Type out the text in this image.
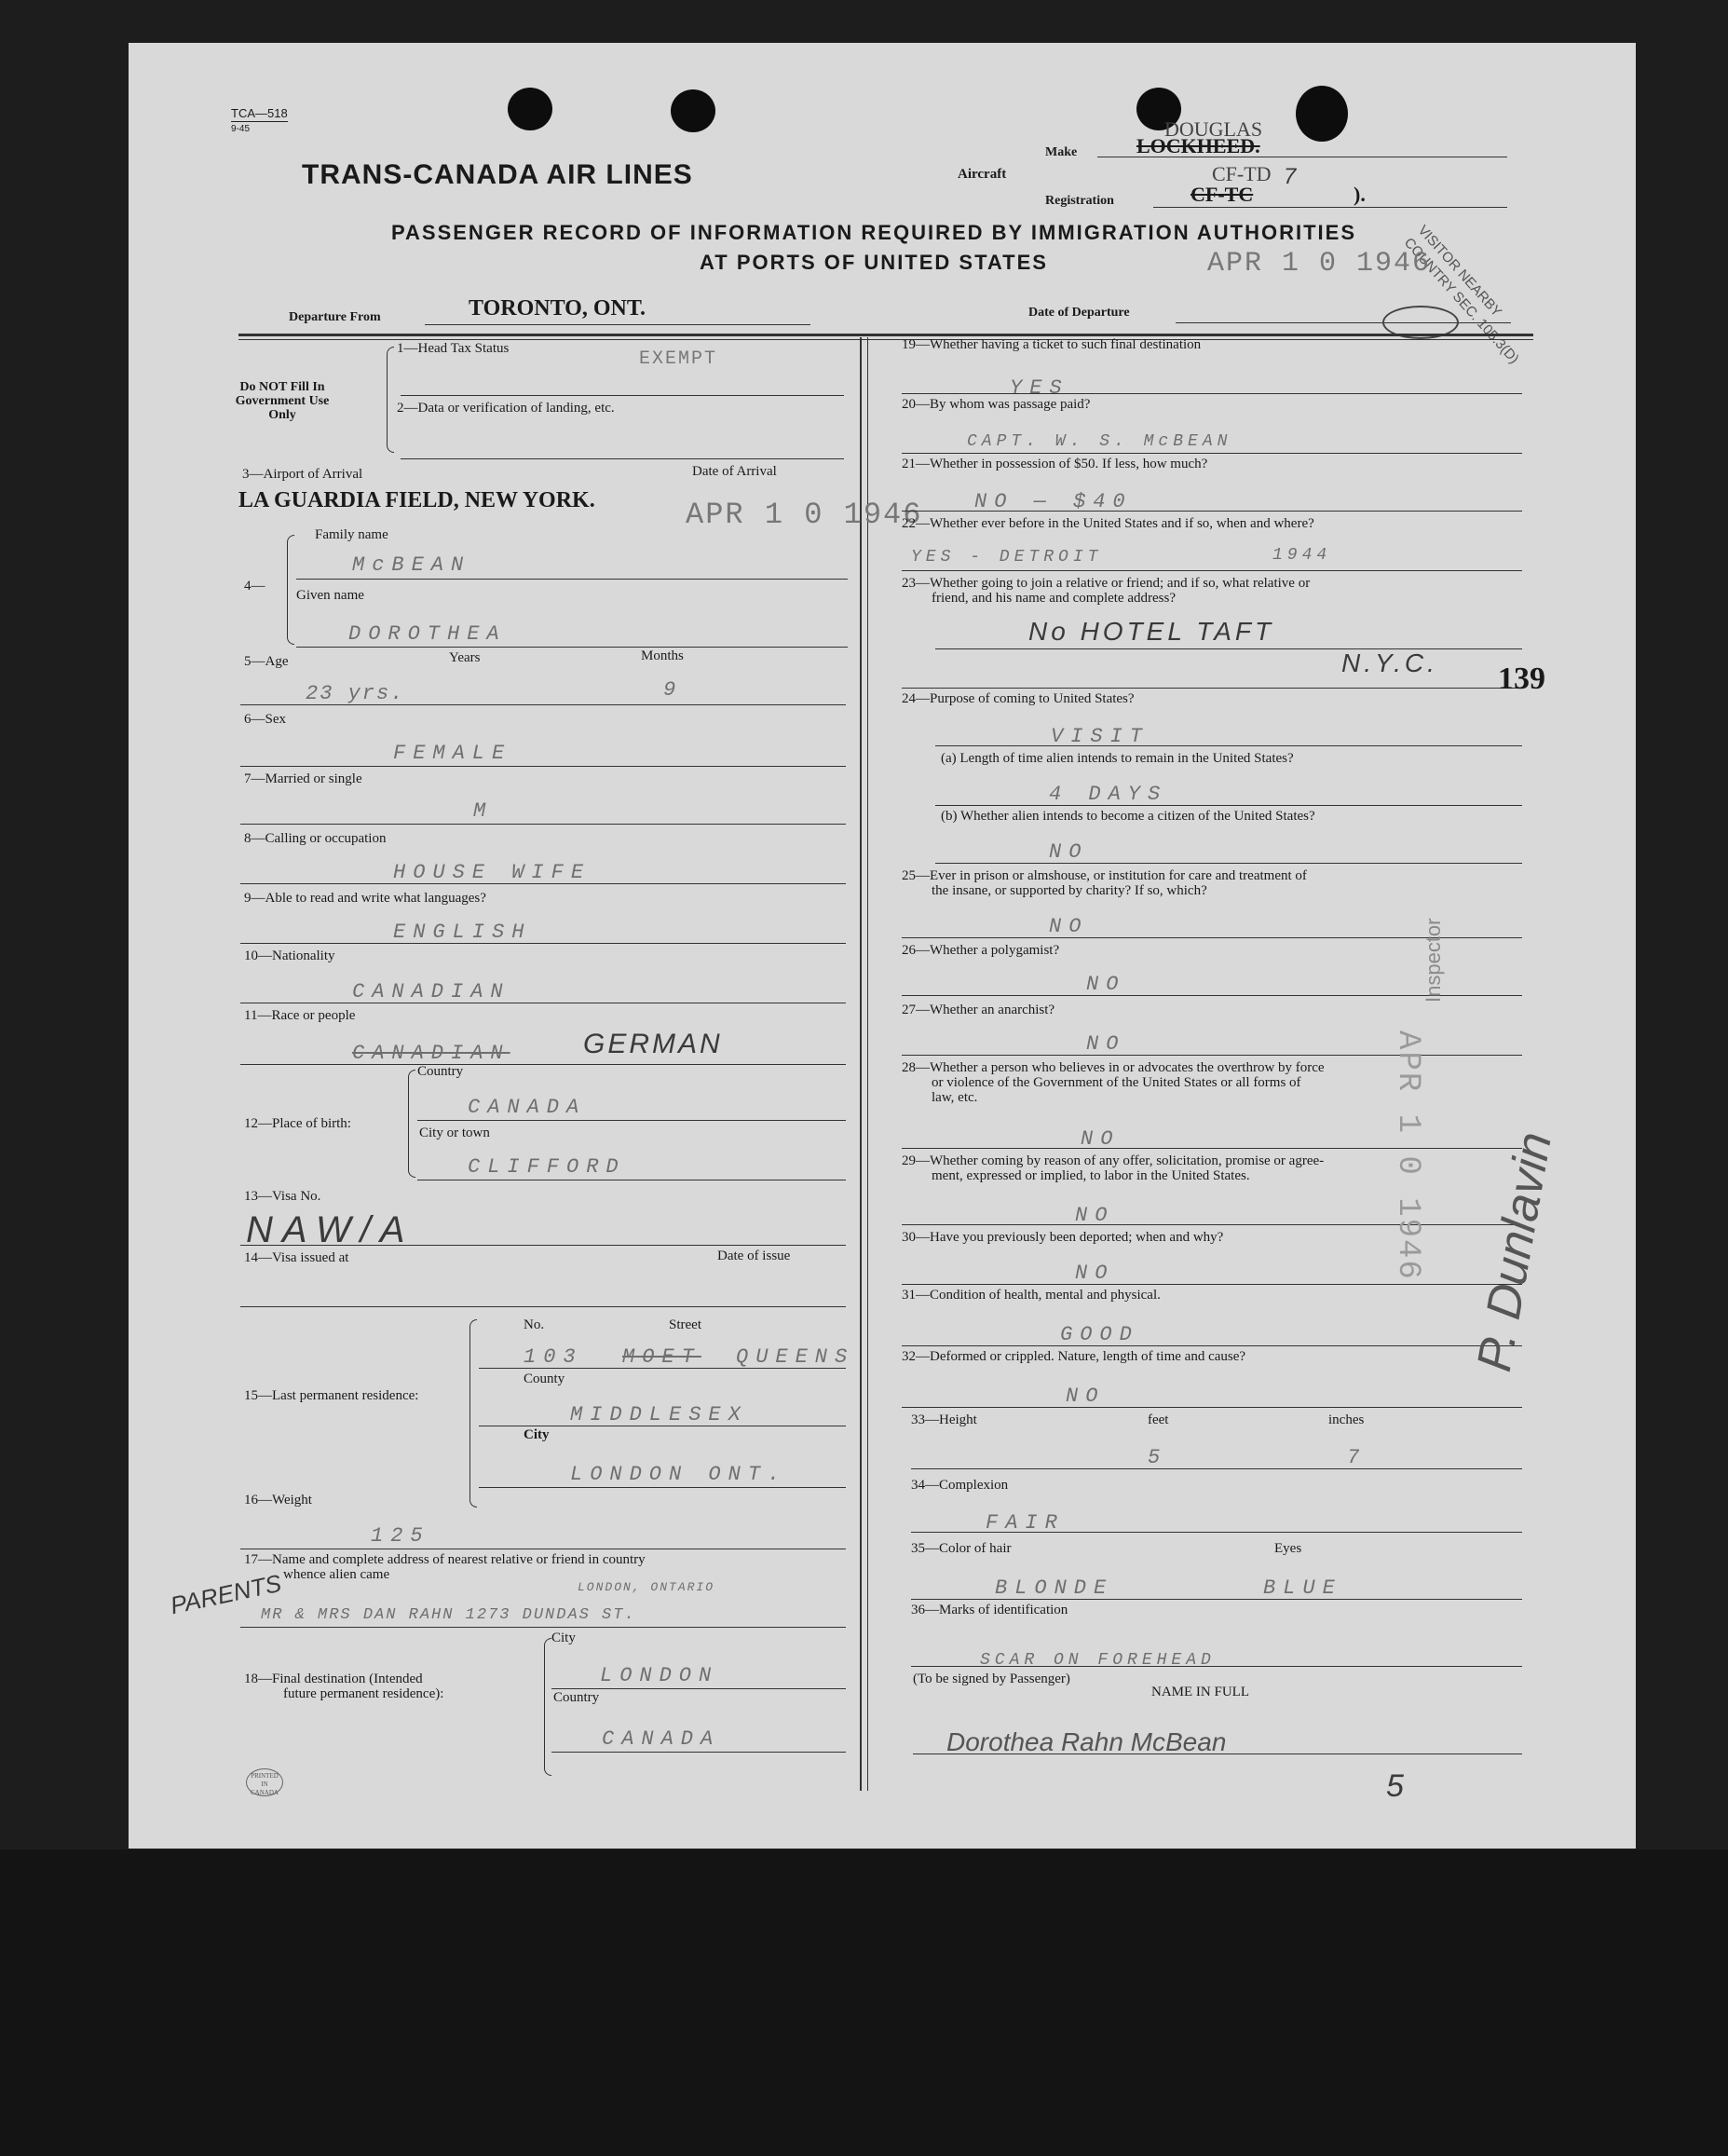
TCA—518
9-45
TRANS-CANADA AIR LINES	Aircraft
Make
DOUGLAS
LOCKHEED.
Registration
CF-TD
CF-TC
7
).
PASSENGER RECORD OF INFORMATION REQUIRED BY IMMIGRATION AUTHORITIES
AT PORTS OF UNITED STATES	VISITOR NEARBY COUNTRY SEC. 105.3(D)
APR 1 0 1946
Departure From	TORONTO, ONT.	Date of Departure
Do NOT Fill In Government Use Only
1—Head Tax Status	EXEMPT
2—Data or verification of landing, etc.
3—Airport of Arrival	Date of Arrival
LA GUARDIA FIELD, NEW YORK.	APR 1 0 1946
4—
Family name
McBEAN
Given name
DOROTHEA
5—Age	Years	Months
23 yrs.	9
6—Sex
FEMALE
7—Married or single
M
8—Calling or occupation
HOUSE WIFE
9—Able to read and write what languages?
ENGLISH
10—Nationality
CANADIAN
11—Race or people
CANADIAN	GERMAN
12—Place of birth:
Country
CANADA
City or town
CLIFFORD
13—Visa No.
NAW/A
14—Visa issued at	Date of issue
15—Last permanent residence:
No.	Street
103 MOET QUEENS
County
MIDDLESEX
City
LONDON ONT.
16—Weight
125
17—Name and complete address of nearest relative or friend in country
whence alien came
PARENTS	LONDON, ONTARIO
MR & MRS DAN RAHN 1273 DUNDAS ST.
18—Final destination (Intended
future permanent residence):
City
LONDON
Country
CANADA
PRINTED IN CANADA
19—Whether having a ticket to such final destination
YES
20—By whom was passage paid?
CAPT. W. S. McBEAN
21—Whether in possession of $50. If less, how much?
NO — $40
22—Whether ever before in the United States and if so, when and where?
YES - DETROIT	1944
23—Whether going to join a relative or friend; and if so, what relative or
friend, and his name and complete address?
No HOTEL TAFT
N.Y.C. 139
24—Purpose of coming to United States?
VISIT
(a) Length of time alien intends to remain in the United States?
4 DAYS
(b) Whether alien intends to become a citizen of the United States?
NO
25—Ever in prison or almshouse, or institution for care and treatment of
the insane, or supported by charity? If so, which?
NO
26—Whether a polygamist?
NO
27—Whether an anarchist?
NO
28—Whether a person who believes in or advocates the overthrow by force
or violence of the Government of the United States or all forms of
law, etc.
NO
29—Whether coming by reason of any offer, solicitation, promise or agree-
ment, expressed or implied, to labor in the United States.
NO
30—Have you previously been deported; when and why?
NO
31—Condition of health, mental and physical.
GOOD
32—Deformed or crippled. Nature, length of time and cause?
NO
33—Height	feet	inches
5	7
34—Complexion
FAIR
35—Color of hair	Eyes
BLONDE	BLUE
36—Marks of identification
SCAR ON FOREHEAD
(To be signed by Passenger)
NAME IN FULL
Dorothea Rahn McBean
5
APR 1 0 1946
Inspector
P. Dunlavin
